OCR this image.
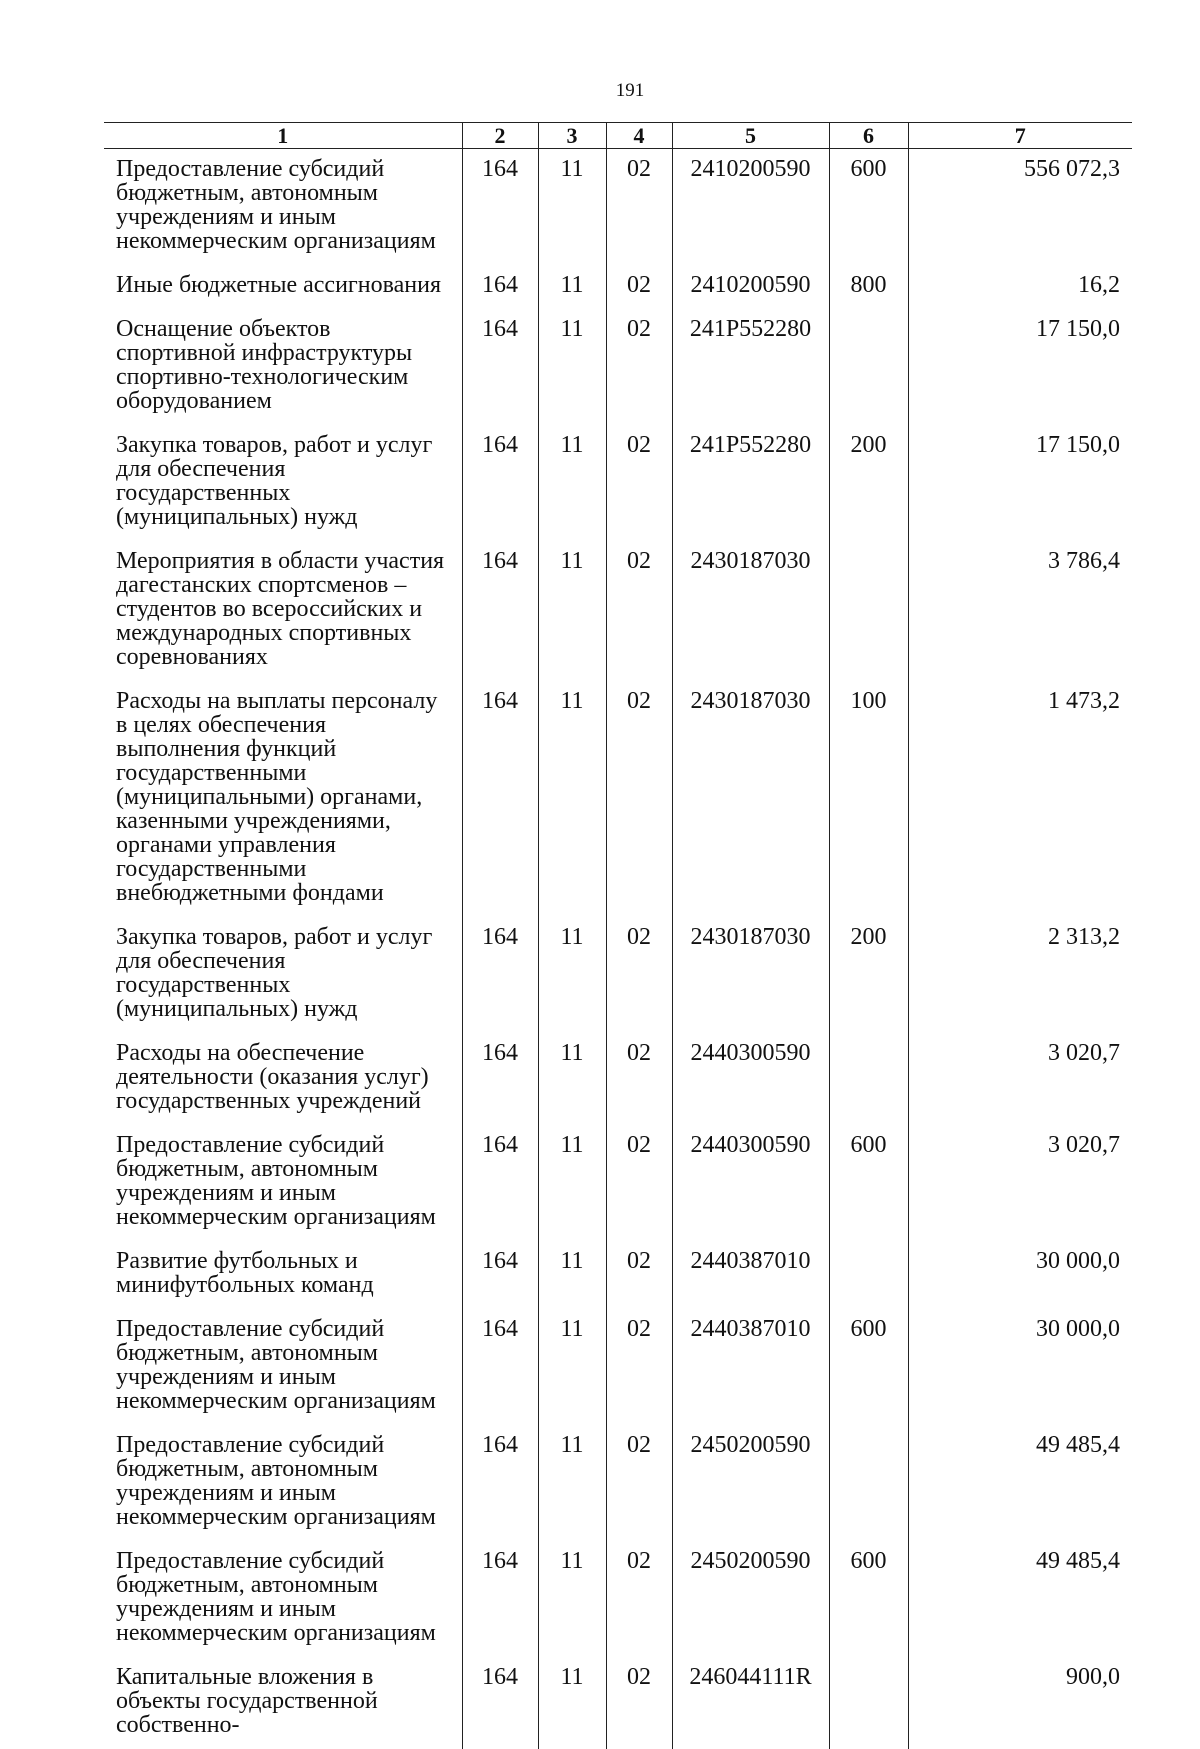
191
1	2	3	4	5	6	7
Предоставление субсидий бюджетным, автономным учреждениям и иным некоммерческим организациям	164	11	02	2410200590	600	556 072,3
Иные бюджетные ассигнования	164	11	02	2410200590	800	16,2
Оснащение объектов спортивной инфраструктуры спортивно-технологическим оборудованием	164	11	02	241P552280		17 150,0
Закупка товаров, работ и услуг для обеспечения государственных (муниципальных) нужд	164	11	02	241P552280	200	17 150,0
Мероприятия в области участия дагестанских спортсменов – студентов во всероссийских и международных спортивных соревнованиях	164	11	02	2430187030		3 786,4
Расходы на выплаты персоналу в целях обеспечения выполнения функций государственными (муниципальными) органами, казенными учреждениями, органами управления государственными внебюджетными фондами	164	11	02	2430187030	100	1 473,2
Закупка товаров, работ и услуг для обеспечения государственных (муниципальных) нужд	164	11	02	2430187030	200	2 313,2
Расходы на обеспечение деятельности (оказания услуг) государственных учреждений	164	11	02	2440300590		3 020,7
Предоставление субсидий бюджетным, автономным учреждениям и иным некоммерческим организациям	164	11	02	2440300590	600	3 020,7
Развитие футбольных и минифутбольных команд	164	11	02	2440387010		30 000,0
Предоставление субсидий бюджетным, автономным учреждениям и иным некоммерческим организациям	164	11	02	2440387010	600	30 000,0
Предоставление субсидий бюджетным, автономным учреждениям и иным некоммерческим организациям	164	11	02	2450200590		49 485,4
Предоставление субсидий бюджетным, автономным учреждениям и иным некоммерческим организациям	164	11	02	2450200590	600	49 485,4
Капитальные вложения в объекты государственной собственно-	164	11	02	246044111R		900,0
